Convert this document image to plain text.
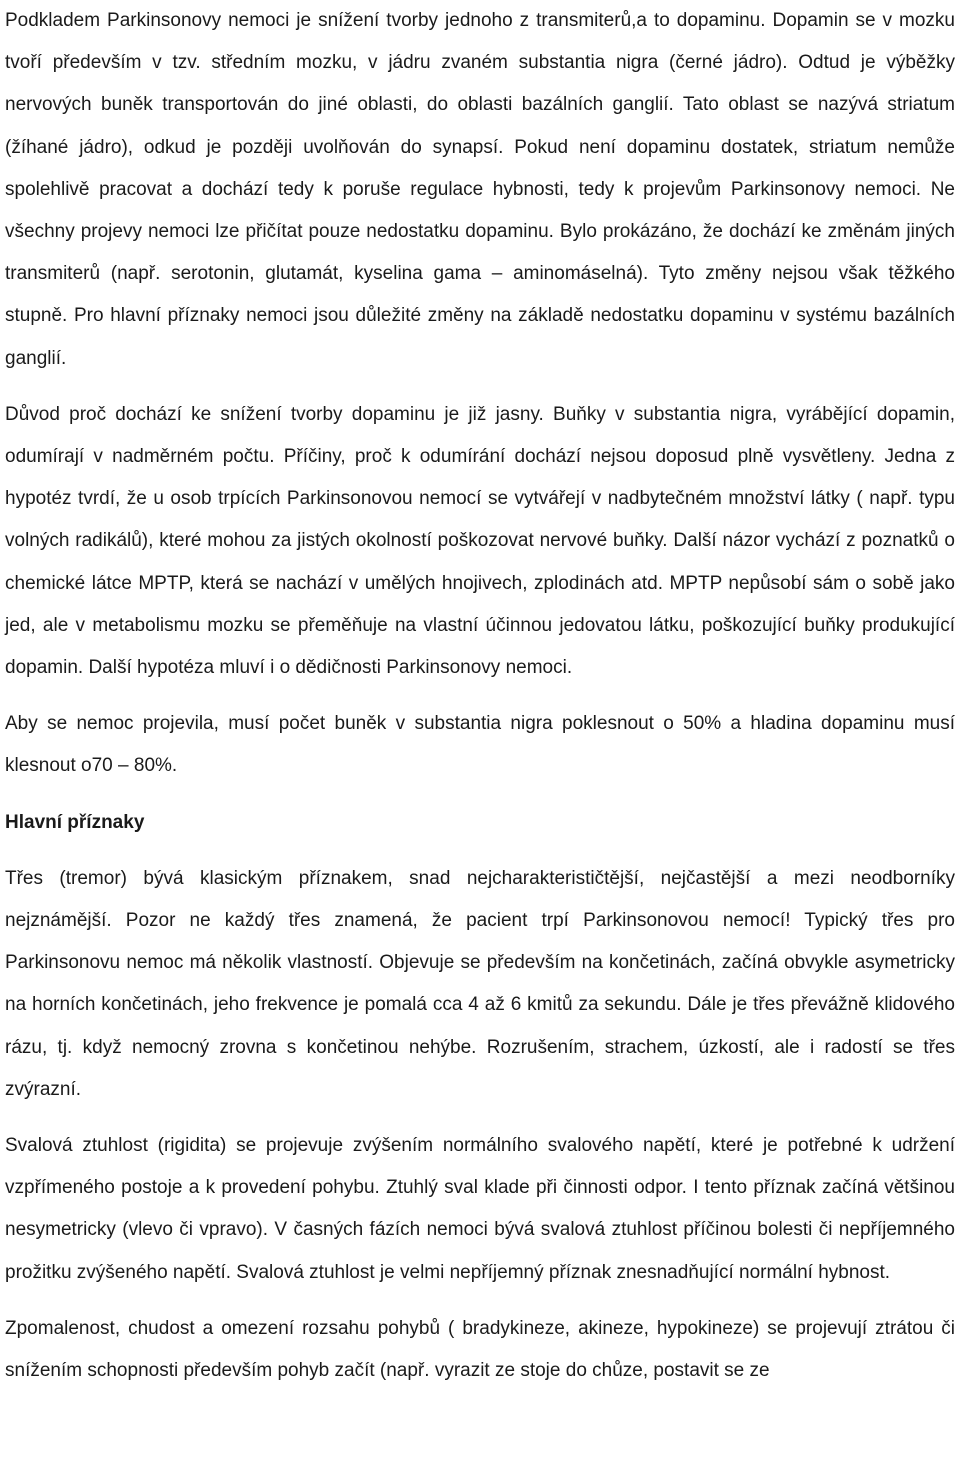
Podkladem Parkinsonovy nemoci je snížení tvorby jednoho z transmiterů,a to dopaminu. Dopamin se v mozku tvoří především v tzv. středním mozku, v jádru zvaném substantia nigra (černé jádro). Odtud je výběžky nervových buněk transportován do jiné oblasti, do oblasti bazálních ganglií. Tato oblast se nazývá striatum (žíhané jádro), odkud je později uvolňován do synapsí. Pokud není dopaminu dostatek, striatum nemůže spolehlivě pracovat a dochází tedy k poruše regulace hybnosti, tedy k projevům Parkinsonovy nemoci. Ne všechny projevy nemoci lze přičítat pouze nedostatku dopaminu. Bylo prokázáno, že dochází ke změnám jiných transmiterů (např. serotonin, glutamát, kyselina gama – aminomáselná). Tyto změny nejsou však těžkého stupně. Pro hlavní příznaky nemoci jsou důležité změny na základě nedostatku dopaminu v systému bazálních ganglií.

Důvod proč dochází ke snížení tvorby dopaminu je již jasny. Buňky v substantia nigra, vyrábějící dopamin, odumírají v nadměrném počtu. Příčiny, proč k odumírání dochází nejsou doposud plně vysvětleny. Jedna z hypotéz tvrdí, že u osob trpících Parkinsonovou nemocí se vytvářejí v nadbytečném množství látky ( např. typu volných radikálů), které mohou za jistých okolností poškozovat nervové buňky. Další názor vychází z poznatků o chemické látce MPTP, která se nachází v umělých hnojivech, zplodinách atd. MPTP nepůsobí sám o sobě jako jed, ale v metabolismu mozku se přeměňuje na vlastní účinnou jedovatou látku, poškozující buňky produkující dopamin. Další hypotéza mluví i o dědičnosti Parkinsonovy nemoci.

Aby se nemoc projevila, musí počet buněk v substantia nigra poklesnout o 50% a hladina dopaminu musí klesnout o70 – 80%.

Hlavní příznaky

Třes (tremor) bývá klasickým příznakem, snad nejcharakterističtější, nejčastější a mezi neodborníky nejznámější. Pozor ne každý třes znamená, že pacient trpí Parkinsonovou nemocí! Typický třes pro Parkinsonovu nemoc má několik vlastností. Objevuje se především na končetinách, začíná obvykle asymetricky na horních končetinách, jeho frekvence je pomalá cca 4 až 6 kmitů za sekundu. Dále je třes převážně klidového rázu, tj. když nemocný zrovna s končetinou nehýbe. Rozrušením, strachem, úzkostí, ale i radostí se třes zvýrazní.

Svalová ztuhlost (rigidita) se projevuje zvýšením normálního svalového napětí, které je potřebné k udržení vzpřímeného postoje a k provedení pohybu. Ztuhlý sval klade při činnosti odpor. I tento příznak začíná většinou nesymetricky (vlevo či vpravo). V časných fázích nemoci bývá svalová ztuhlost příčinou bolesti či nepříjemného prožitku zvýšeného napětí. Svalová ztuhlost je velmi nepříjemný příznak znesnadňující normální hybnost.

Zpomalenost, chudost a omezení rozsahu pohybů ( bradykineze, akineze, hypokineze) se projevují ztrátou či snížením schopnosti především pohyb začít (např. vyrazit ze stoje do chůze, postavit se ze
